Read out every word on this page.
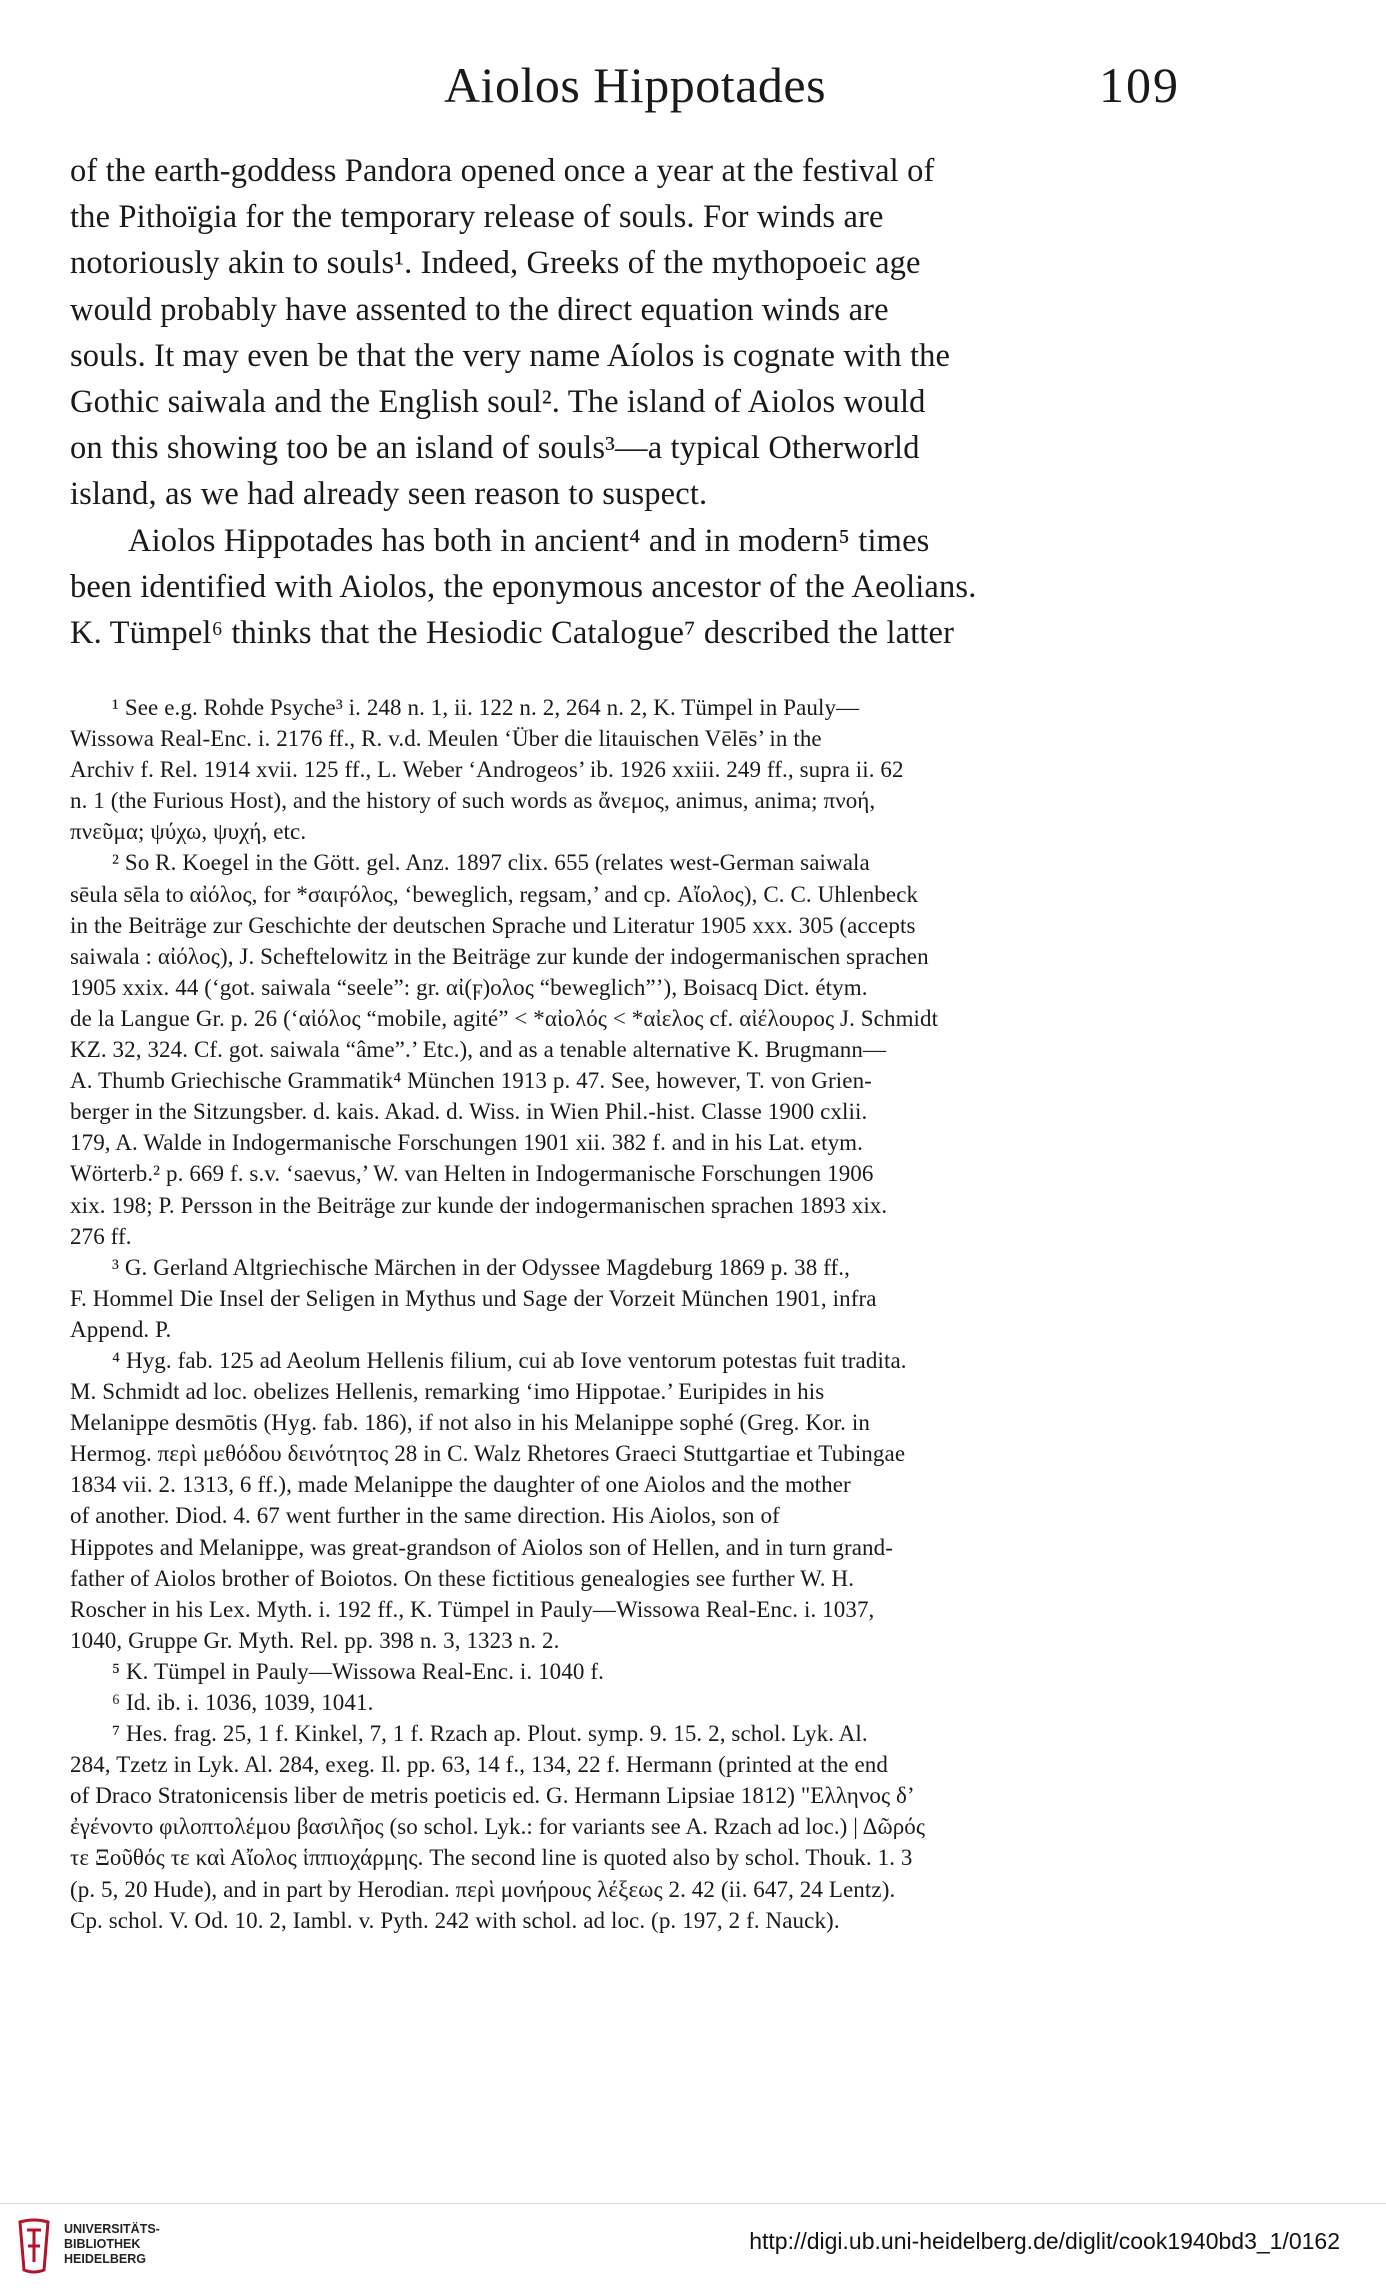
Aiolos Hippotades	109
of the earth-goddess Pandora opened once a year at the festival of
the Pithoïgia for the temporary release of souls. For winds are
notoriously akin to souls¹. Indeed, Greeks of the mythopoeic age
would probably have assented to the direct equation winds are
souls. It may even be that the very name Aíolos is cognate with the
Gothic saiwala and the English soul². The island of Aiolos would
on this showing too be an island of souls³—a typical Otherworld
island, as we had already seen reason to suspect.
Aiolos Hippotades has both in ancient⁴ and in modern⁵ times
been identified with Aiolos, the eponymous ancestor of the Aeolians.
K. Tümpel⁶ thinks that the Hesiodic Catalogue⁷ described the latter
¹ See e.g. Rohde Psyche³ i. 248 n. 1, ii. 122 n. 2, 264 n. 2, K. Tümpel in Pauly—
Wissowa Real-Enc. i. 2176 ff., R. v.d. Meulen ‘Über die litauischen Vēlēs’ in the
Archiv f. Rel. 1914 xvii. 125 ff., L. Weber ‘Androgeos’ ib. 1926 xxiii. 249 ff., supra ii. 62
n. 1 (the Furious Host), and the history of such words as ἄνεμος, animus, anima; πνοή,
πνεῦμα; ψύχω, ψυχή, etc.
² So R. Koegel in the Gött. gel. Anz. 1897 clix. 655 (relates west-German saiwala
sēula sēla to αἰόλος, for *σαιϝόλος, ‘beweglich, regsam,’ and cp. Αἴολος), C. C. Uhlenbeck
in the Beiträge zur Geschichte der deutschen Sprache und Literatur 1905 xxx. 305 (accepts
saiwala : αἰόλος), J. Scheftelowitz in the Beiträge zur kunde der indogermanischen sprachen
1905 xxix. 44 (‘got. saiwala “seele”: gr. αἰ(ϝ)ολος “beweglich”’), Boisacq Dict. étym.
de la Langue Gr. p. 26 (‘αἰόλος “mobile, agité” < *αἰολός < *αἰελος cf. αἰέλουρος J. Schmidt
KZ. 32, 324. Cf. got. saiwala “âme”.’ Etc.), and as a tenable alternative K. Brugmann—
A. Thumb Griechische Grammatik⁴ München 1913 p. 47. See, however, T. von Grien-
berger in the Sitzungsber. d. kais. Akad. d. Wiss. in Wien Phil.-hist. Classe 1900 cxlii.
179, A. Walde in Indogermanische Forschungen 1901 xii. 382 f. and in his Lat. etym.
Wörterb.² p. 669 f. s.v. ‘saevus,’ W. van Helten in Indogermanische Forschungen 1906
xix. 198; P. Persson in the Beiträge zur kunde der indogermanischen sprachen 1893 xix.
276 ff.
³ G. Gerland Altgriechische Märchen in der Odyssee Magdeburg 1869 p. 38 ff.,
F. Hommel Die Insel der Seligen in Mythus und Sage der Vorzeit München 1901, infra
Append. P.
⁴ Hyg. fab. 125 ad Aeolum Hellenis filium, cui ab Iove ventorum potestas fuit tradita.
M. Schmidt ad loc. obelizes Hellenis, remarking ‘imo Hippotae.’ Euripides in his
Melanippe desmōtis (Hyg. fab. 186), if not also in his Melanippe sophé (Greg. Kor. in
Hermog. περὶ μεθόδου δεινότητος 28 in C. Walz Rhetores Graeci Stuttgartiae et Tubingae
1834 vii. 2. 1313, 6 ff.), made Melanippe the daughter of one Aiolos and the mother
of another. Diod. 4. 67 went further in the same direction. His Aiolos, son of
Hippotes and Melanippe, was great-grandson of Aiolos son of Hellen, and in turn grand-
father of Aiolos brother of Boiotos. On these fictitious genealogies see further W. H.
Roscher in his Lex. Myth. i. 192 ff., K. Tümpel in Pauly—Wissowa Real-Enc. i. 1037,
1040, Gruppe Gr. Myth. Rel. pp. 398 n. 3, 1323 n. 2.
⁵ K. Tümpel in Pauly—Wissowa Real-Enc. i. 1040 f.
⁶ Id. ib. i. 1036, 1039, 1041.
⁷ Hes. frag. 25, 1 f. Kinkel, 7, 1 f. Rzach ap. Plout. symp. 9. 15. 2, schol. Lyk. Al.
284, Tzetz in Lyk. Al. 284, exeg. Il. pp. 63, 14 f., 134, 22 f. Hermann (printed at the end
of Draco Stratonicensis liber de metris poeticis ed. G. Hermann Lipsiae 1812) "Ελληνος δ’
ἐγένοντο φιλοπτολέμου βασιλῆος (so schol. Lyk.: for variants see A. Rzach ad loc.) | Δῶρός
τε Ξοῦθός τε καὶ Αἴολος ἱππιοχάρμης. The second line is quoted also by schol. Thouk. 1. 3
(p. 5, 20 Hude), and in part by Herodian. περὶ μονήρους λέξεως 2. 42 (ii. 647, 24 Lentz).
Cp. schol. V. Od. 10. 2, Iambl. v. Pyth. 242 with schol. ad loc. (p. 197, 2 f. Nauck).
UNIVERSITÄTS-
BIBLIOTHEK
HEIDELBERG
http://digi.ub.uni-heidelberg.de/diglit/cook1940bd3_1/0162
